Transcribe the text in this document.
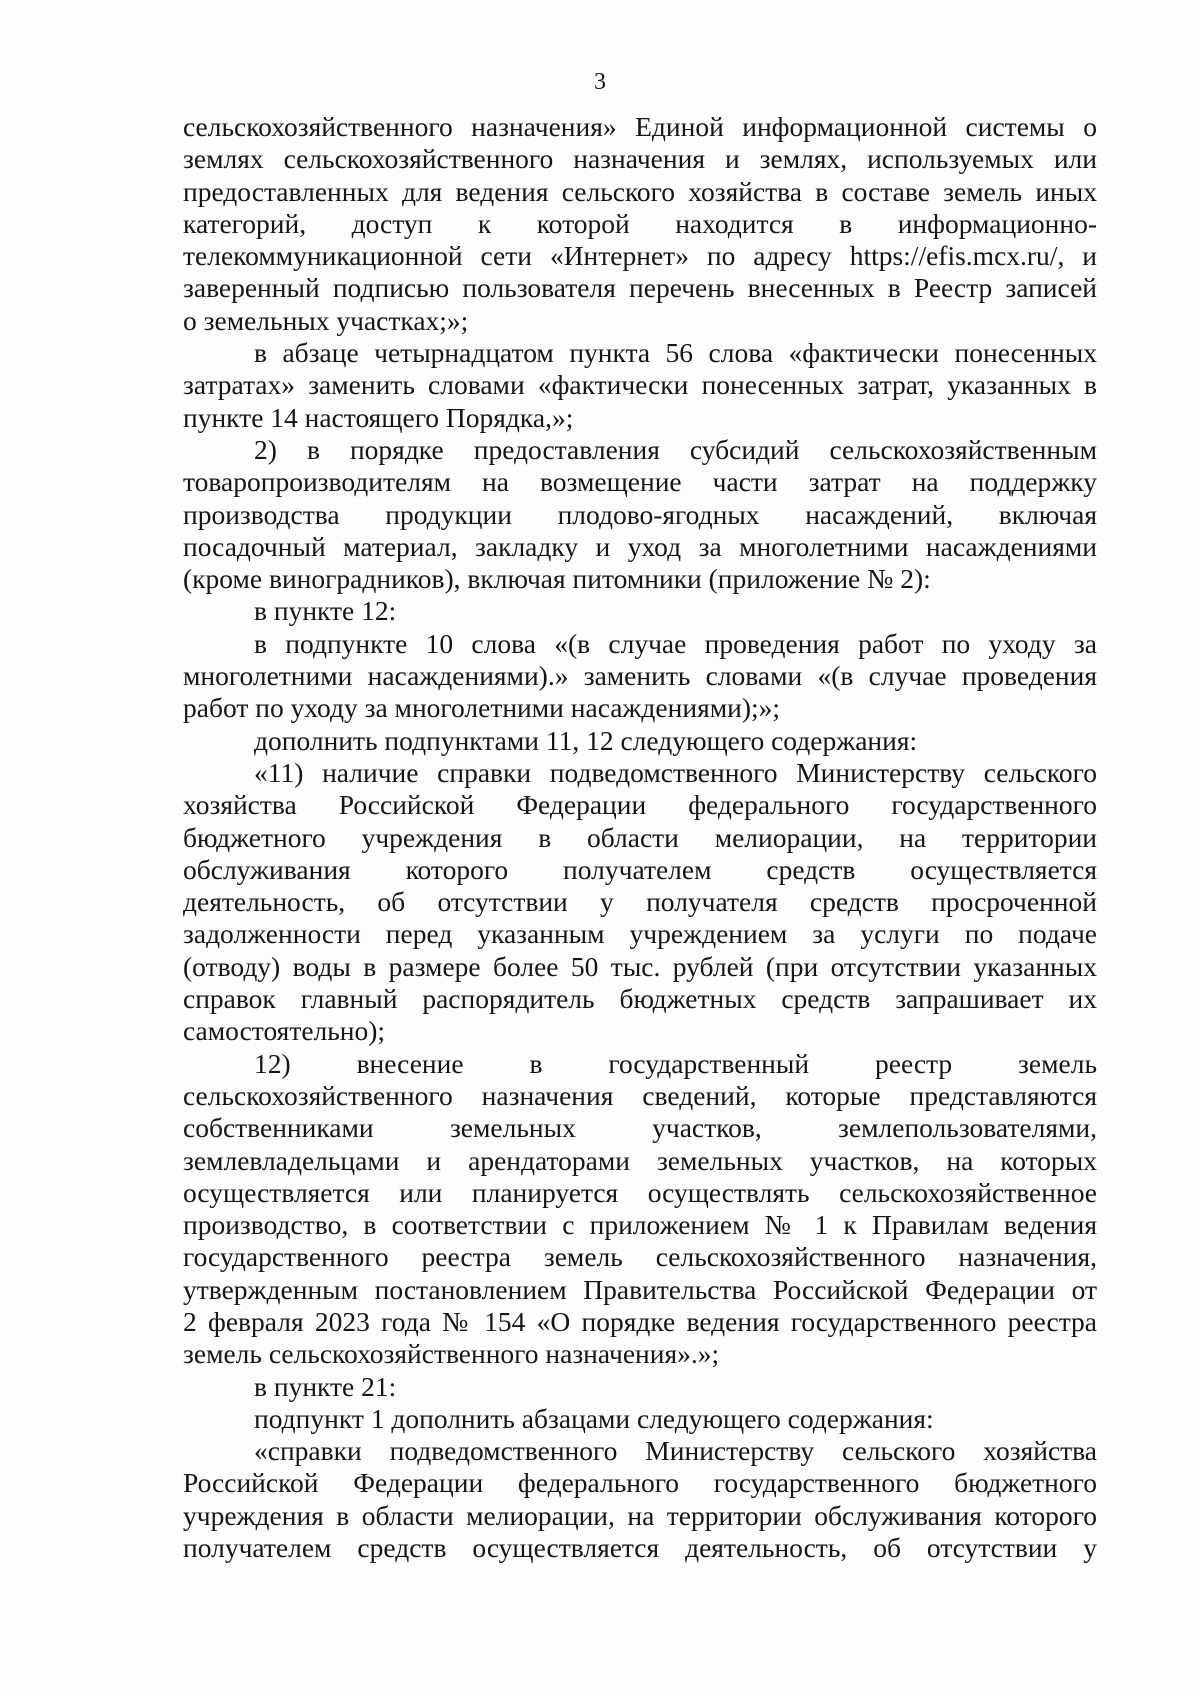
3
сельскохозяйственного назначения» Единой информационной системы о
землях сельскохозяйственного назначения и землях, используемых или
предоставленных для ведения сельского хозяйства в составе земель иных
категорий, доступ к которой находится в информационно-
телекоммуникационной сети «Интернет» по адресу https://efis.mcx.ru/, и
заверенный подписью пользователя перечень внесенных в Реестр записей
о земельных участках;»;
в абзаце четырнадцатом пункта 56 слова «фактически понесенных
затратах» заменить словами «фактически понесенных затрат, указанных в
пункте 14 настоящего Порядка,»;
2) в порядке предоставления субсидий сельскохозяйственным
товаропроизводителям на возмещение части затрат на поддержку
производства продукции плодово-ягодных насаждений, включая
посадочный материал, закладку и уход за многолетними насаждениями
(кроме виноградников), включая питомники (приложение № 2):
в пункте 12:
в подпункте 10 слова «(в случае проведения работ по уходу за
многолетними насаждениями).» заменить словами «(в случае проведения
работ по уходу за многолетними насаждениями);»;
дополнить подпунктами 11, 12 следующего содержания:
«11) наличие справки подведомственного Министерству сельского
хозяйства Российской Федерации федерального государственного
бюджетного учреждения в области мелиорации, на территории
обслуживания которого получателем средств осуществляется
деятельность, об отсутствии у получателя средств просроченной
задолженности перед указанным учреждением за услуги по подаче
(отводу) воды в размере более 50 тыс. рублей (при отсутствии указанных
справок главный распорядитель бюджетных средств запрашивает их
самостоятельно);
12) внесение в государственный реестр земель
сельскохозяйственного назначения сведений, которые представляются
собственниками земельных участков, землепользователями,
землевладельцами и арендаторами земельных участков, на которых
осуществляется или планируется осуществлять сельскохозяйственное
производство, в соответствии с приложением № 1 к Правилам ведения
государственного реестра земель сельскохозяйственного назначения,
утвержденным постановлением Правительства Российской Федерации от
2 февраля 2023 года № 154 «О порядке ведения государственного реестра
земель сельскохозяйственного назначения».»;
в пункте 21:
подпункт 1 дополнить абзацами следующего содержания:
«справки подведомственного Министерству сельского хозяйства
Российской Федерации федерального государственного бюджетного
учреждения в области мелиорации, на территории обслуживания которого
получателем средств осуществляется деятельность, об отсутствии у
